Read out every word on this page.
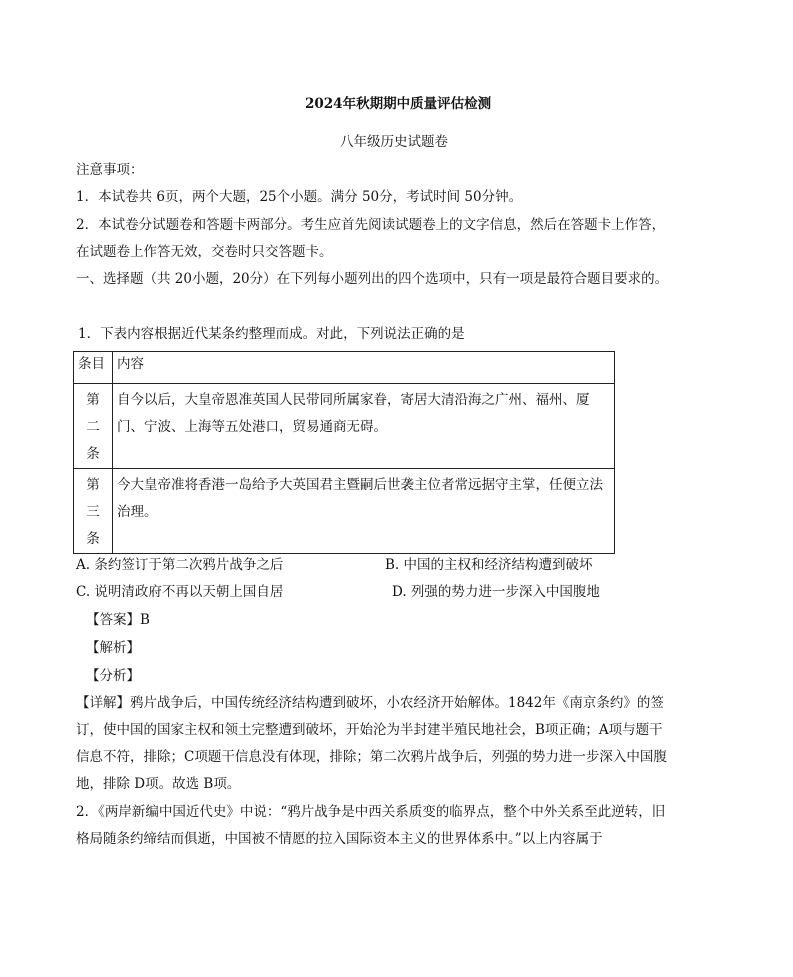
2024年秋期期中质量评估检测
八年级历史试题卷
注意事项：
1．本试卷共 6页，两个大题，25个小题。满分 50分，考试时间 50分钟。
2．本试卷分试题卷和答题卡两部分。考生应首先阅读试题卷上的文字信息，然后在答题卡上作答，在试题卷上作答无效，交卷时只交答题卡。
一、选择题（共 20小题，20分）在下列每小题列出的四个选项中，只有一项是最符合题目要求的。
1．下表内容根据近代某条约整理而成。对此，下列说法正确的是
条目	内容

第
二
条	自今以后，大皇帝恩准英国人民带同所属家眷，寄居大清沿海之广州、福州、厦门、宁波、上海等五处港口，贸易通商无碍。

第
三
条	今大皇帝准将香港一岛给予大英国君主暨嗣后世袭主位者常远据守主掌，任便立法治理。
A. 条约签订于第二次鸦片战争之后	B. 中国的主权和经济结构遭到破坏
C. 说明清政府不再以天朝上国自居	D. 列强的势力进一步深入中国腹地
【答案】B
【解析】
【分析】
【详解】鸦片战争后，中国传统经济结构遭到破坏，小农经济开始解体。1842年《南京条约》的签订，使中国的国家主权和领土完整遭到破坏，开始沦为半封建半殖民地社会，B项正确；A项与题干信息不符，排除；C项题干信息没有体现，排除；第二次鸦片战争后，列强的势力进一步深入中国腹地，排除 D项。故选 B项。
2．《两岸新编中国近代史》中说：“鸦片战争是中西关系质变的临界点，整个中外关系至此逆转，旧格局随条约缔结而俱逝，中国被不情愿的拉入国际资本主义的世界体系中。”以上内容属于
